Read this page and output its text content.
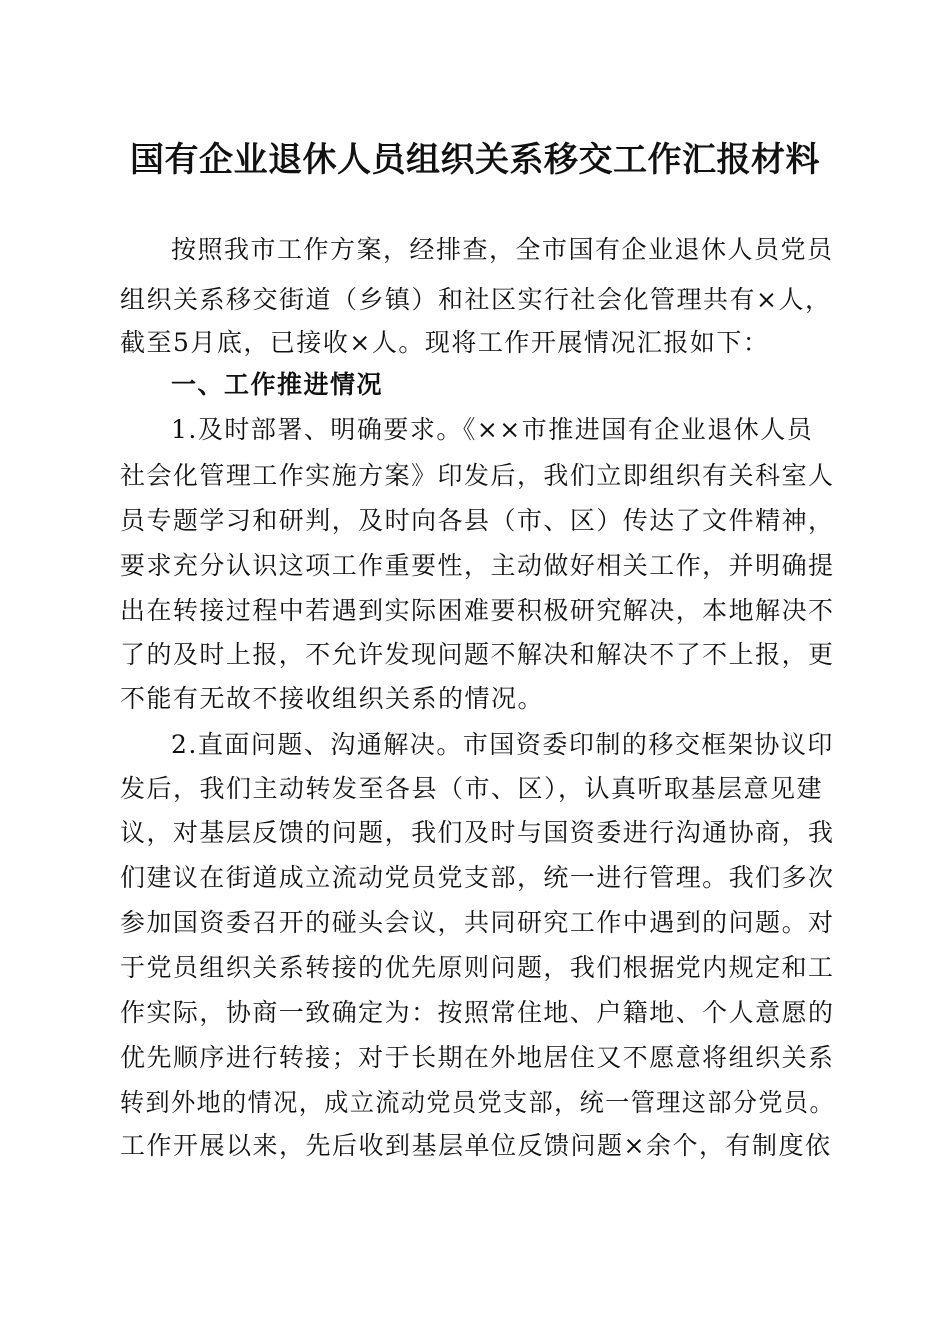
国有企业退休人员组织关系移交工作汇报材料

按照我市工作方案，经排查，全市国有企业退休人员党员

组织关系移交街道（乡镇）和社区实行社会化管理共有×人，

截至5月底，已接收×人。现将工作开展情况汇报如下：

一、工作推进情况

1.及时部署、明确要求。《××市推进国有企业退休人员

社会化管理工作实施方案》印发后，我们立即组织有关科室人

员专题学习和研判，及时向各县（市、区）传达了文件精神，

要求充分认识这项工作重要性，主动做好相关工作，并明确提

出在转接过程中若遇到实际困难要积极研究解决，本地解决不

了的及时上报，不允许发现问题不解决和解决不了不上报，更

不能有无故不接收组织关系的情况。

2.直面问题、沟通解决。市国资委印制的移交框架协议印

发后，我们主动转发至各县（市、区），认真听取基层意见建

议，对基层反馈的问题，我们及时与国资委进行沟通协商，我

们建议在街道成立流动党员党支部，统一进行管理。我们多次

参加国资委召开的碰头会议，共同研究工作中遇到的问题。对

于党员组织关系转接的优先原则问题，我们根据党内规定和工

作实际，协商一致确定为：按照常住地、户籍地、个人意愿的

优先顺序进行转接；对于长期在外地居住又不愿意将组织关系

转到外地的情况，成立流动党员党支部，统一管理这部分党员。

工作开展以来，先后收到基层单位反馈问题×余个，有制度依
